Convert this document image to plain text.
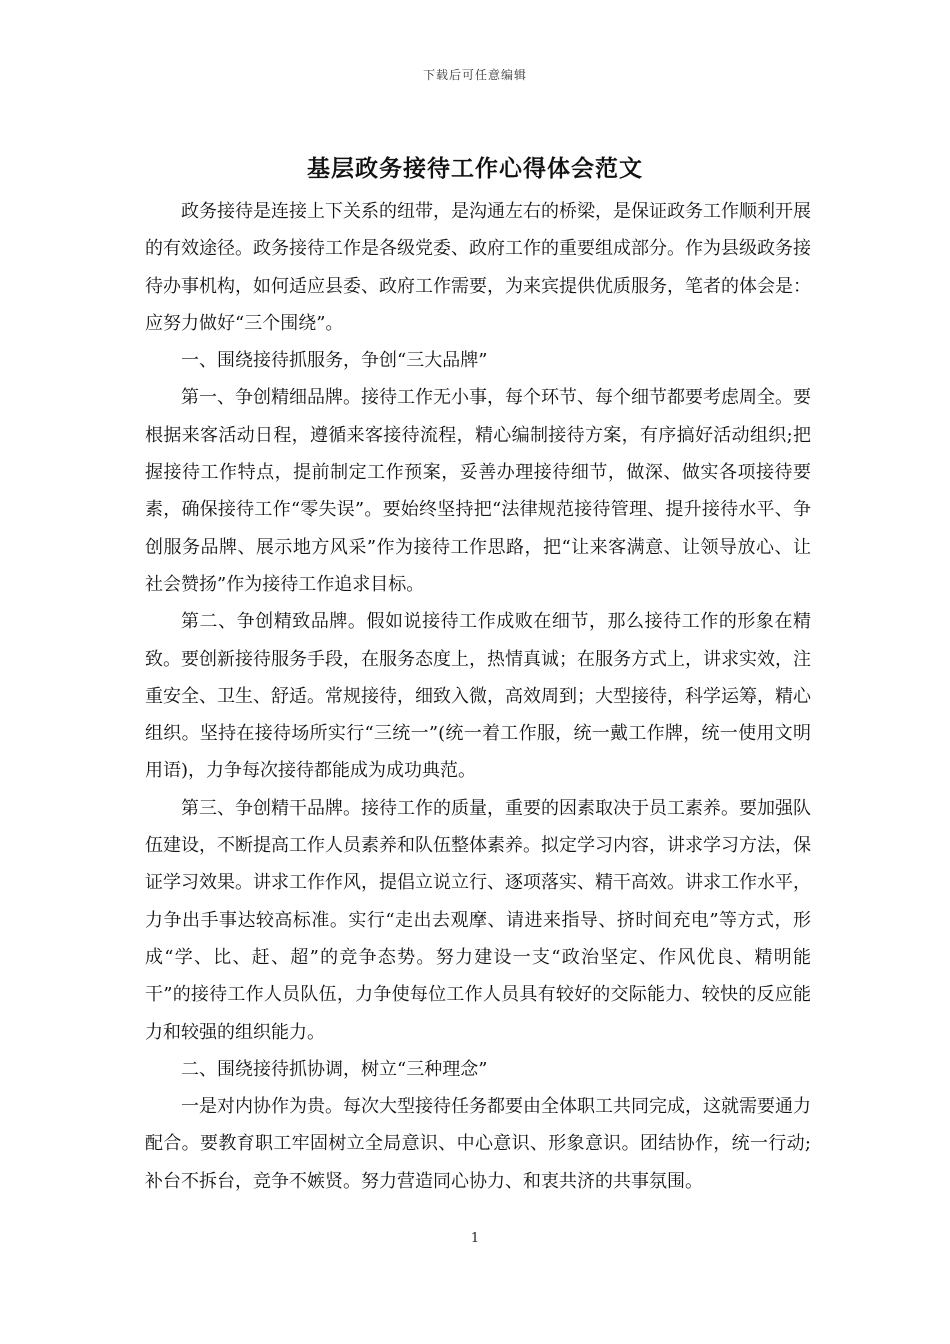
下载后可任意编辑
基层政务接待工作心得体会范文

政务接待是连接上下关系的纽带，是沟通左右的桥梁，是保证政务工作顺利开展的有效途径。政务接待工作是各级党委、政府工作的重要组成部分。作为县级政务接待办事机构，如何适应县委、政府工作需要，为来宾提供优质服务，笔者的体会是：应努力做好“三个围绕”。

一、围绕接待抓服务，争创“三大品牌”

第一、争创精细品牌。接待工作无小事，每个环节、每个细节都要考虑周全。要根据来客活动日程，遵循来客接待流程，精心编制接待方案，有序搞好活动组织;把握接待工作特点，提前制定工作预案，妥善办理接待细节，做深、做实各项接待要素，确保接待工作“零失误”。要始终坚持把“法律规范接待管理、提升接待水平、争创服务品牌、展示地方风采”作为接待工作思路，把“让来客满意、让领导放心、让社会赞扬”作为接待工作追求目标。

第二、争创精致品牌。假如说接待工作成败在细节，那么接待工作的形象在精致。要创新接待服务手段，在服务态度上，热情真诚；在服务方式上，讲求实效，注重安全、卫生、舒适。常规接待，细致入微，高效周到；大型接待，科学运筹，精心组织。坚持在接待场所实行“三统一”(统一着工作服，统一戴工作牌，统一使用文明用语)，力争每次接待都能成为成功典范。

第三、争创精干品牌。接待工作的质量，重要的因素取决于员工素养。要加强队伍建设，不断提高工作人员素养和队伍整体素养。拟定学习内容，讲求学习方法，保证学习效果。讲求工作作风，提倡立说立行、逐项落实、精干高效。讲求工作水平，力争出手事达较高标准。实行“走出去观摩、请进来指导、挤时间充电”等方式，形成“学、比、赶、超”的竞争态势。努力建设一支“政治坚定、作风优良、精明能干”的接待工作人员队伍，力争使每位工作人员具有较好的交际能力、较快的反应能力和较强的组织能力。

二、围绕接待抓协调，树立“三种理念”

一是对内协作为贵。每次大型接待任务都要由全体职工共同完成，这就需要通力配合。要教育职工牢固树立全局意识、中心意识、形象意识。团结协作，统一行动;补台不拆台，竞争不嫉贤。努力营造同心协力、和衷共济的共事氛围。

1
